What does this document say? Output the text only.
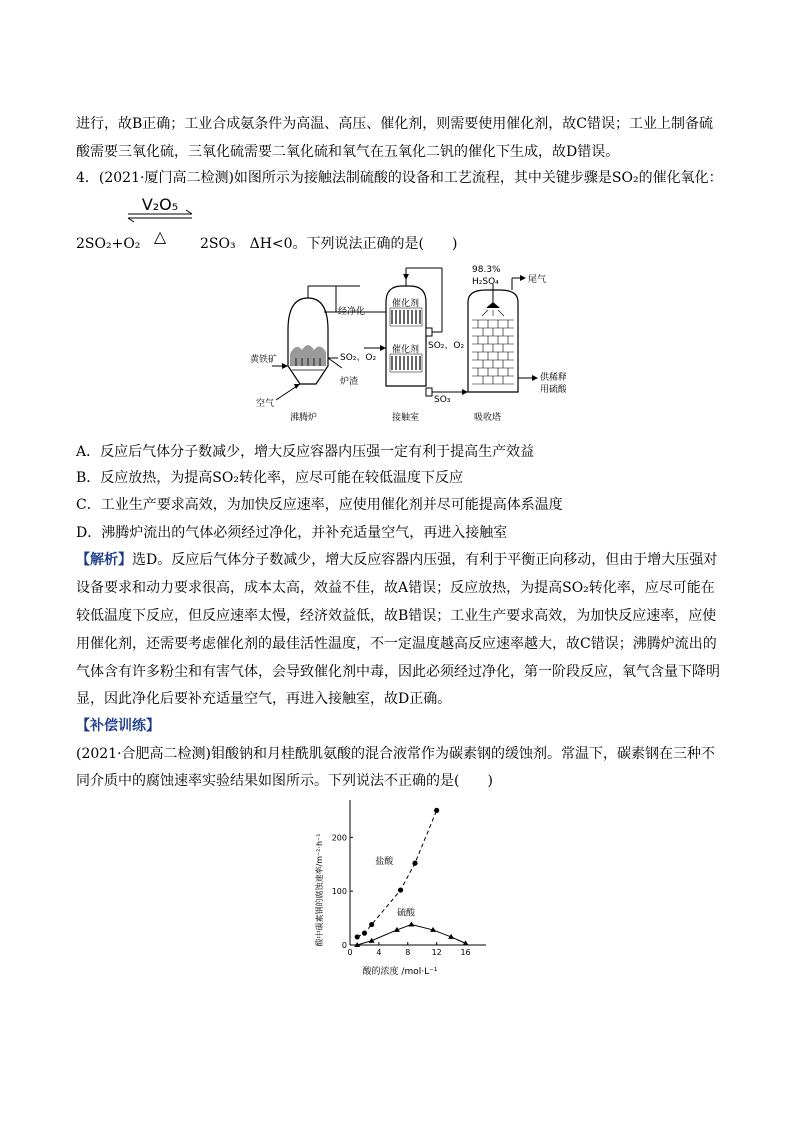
进行，故B正确；工业合成氨条件为高温、高压、催化剂，则需要使用催化剂，故C错误；工业上制备硫
酸需要三氧化硫，三氧化硫需要二氧化硫和氧气在五氧化二钒的催化下生成，故D错误。
4．(2021·厦门高二检测)如图所示为接触法制硫酸的设备和工艺流程，其中关键步骤是SO₂的催化氧化：
V₂O₅
△
2SO₂+O₂	2SO₃　ΔH<0。下列说法正确的是(　　)
经净化
催化剂
催化剂
黄铁矿	SO₂、O₂
炉渣
空气
沸腾炉	接触室
SO₂、O₂
SO₃
98.3%
H₂SO₄	尾气
供稀释
用硫酸
吸收塔
A．反应后气体分子数减少，增大反应容器内压强一定有利于提高生产效益
B．反应放热，为提高SO₂转化率，应尽可能在较低温度下反应
C．工业生产要求高效，为加快反应速率，应使用催化剂并尽可能提高体系温度
D．沸腾炉流出的气体必须经过净化，并补充适量空气，再进入接触室
【解析】选D。反应后气体分子数减少，增大反应容器内压强，有利于平衡正向移动，但由于增大压强对
设备要求和动力要求很高，成本太高，效益不佳，故A错误；反应放热，为提高SO₂转化率，应尽可能在
较低温度下反应，但反应速率太慢，经济效益低，故B错误；工业生产要求高效，为加快反应速率，应使
用催化剂，还需要考虑催化剂的最佳活性温度，不一定温度越高反应速率越大，故C错误；沸腾炉流出的
气体含有许多粉尘和有害气体，会导致催化剂中毒，因此必须经过净化，第一阶段反应，氧气含量下降明
显，因此净化后要补充适量空气，再进入接触室，故D正确。
【补偿训练】
(2021·合肥高二检测)钼酸钠和月桂酰肌氨酸的混合液常作为碳素钢的缓蚀剂。常温下，碳素钢在三种不
同介质中的腐蚀速率实验结果如图所示。下列说法不正确的是(　　)
酸中碳素钢的腐蚀速率/m⁻²·h⁻¹
酸的浓度 /mol·L⁻¹
0	4	8	12 16
0
100
200
盐酸
硫酸
